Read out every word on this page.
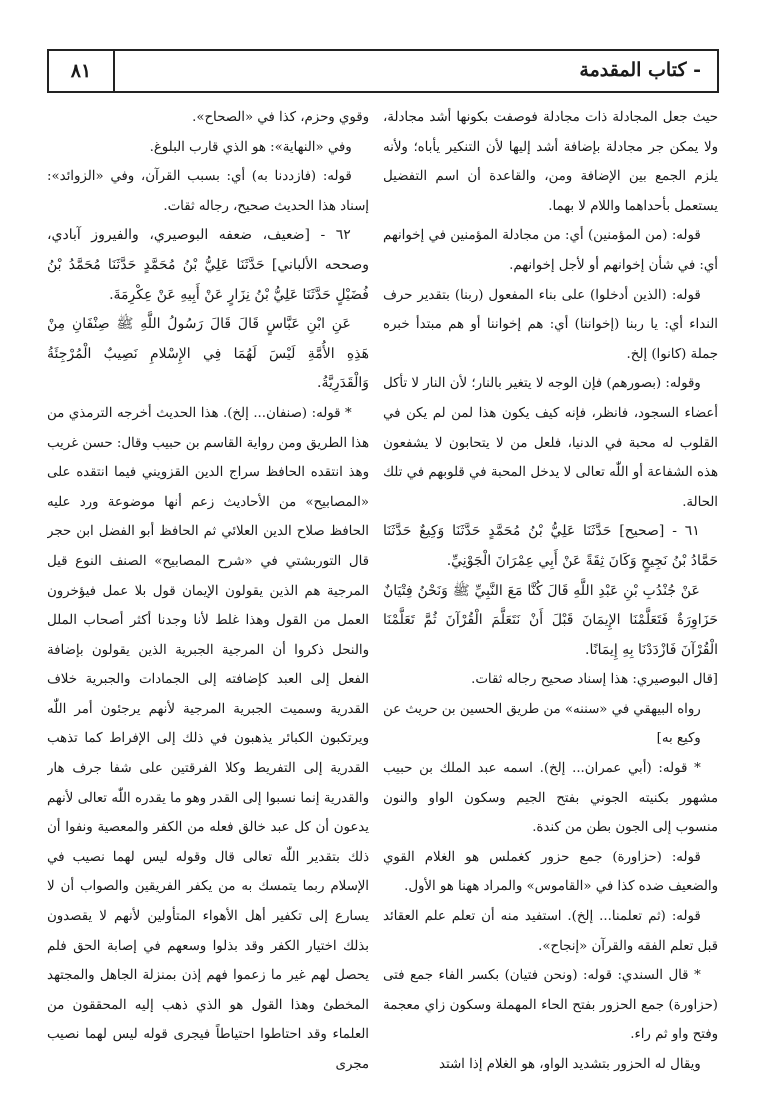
- كتاب المقدمة
٨١

حيث جعل المجادلة ذات مجادلة فوصفت بكونها أشد مجادلة، ولا يمكن جر مجادلة بإضافة أشد إليها لأن التنكير يأباه؛ ولأنه يلزم الجمع بين الإضافة ومن، والقاعدة أن اسم التفضيل يستعمل بأحداهما واللام لا بهما.

قوله: (من المؤمنين) أي: من مجادلة المؤمنين في إخوانهم أي: في شأن إخوانهم أو لأجل إخوانهم.

قوله: (الذين أدخلوا) على بناء المفعول (ربنا) بتقدير حرف النداء أي: يا ربنا (إخواننا) أي: هم إخواننا أو هم مبتدأ خبره جملة (كانوا) إلخ.

وقوله: (بصورهم) فإن الوجه لا يتغير بالنار؛ لأن النار لا تأكل أعضاء السجود، فانظر، فإنه كيف يكون هذا لمن لم يكن في القلوب له محبة في الدنيا، فلعل من لا يتحابون لا يشفعون هذه الشفاعة أو اللّٰه تعالى لا يدخل المحبة في قلوبهم في تلك الحالة.

٦١ - [صحيح] حَدَّثَنَا عَلِيُّ بْنُ مُحَمَّدٍ حَدَّثَنَا وَكِيعٌ حَدَّثَنَا حَمَّادُ بْنُ نَجِيحٍ وَكَانَ ثِقَةً عَنْ أَبِي عِمْرَانَ الْجَوْنِيِّ.

عَنْ جُنْدُبِ بْنِ عَبْدِ اللَّهِ قَالَ كُنَّا مَعَ النَّبِيِّ ﷺ وَنَحْنُ فِتْيَانٌ حَزَاوِرَةٌ فَتَعَلَّمْنَا الإِيمَانَ قَبْلَ أَنْ نَتَعَلَّمَ الْقُرْآنَ ثُمَّ تَعَلَّمْنَا الْقُرْآنَ فَازْدَدْنَا بِهِ إِيمَانًا.

[قال البوصيري: هذا إسناد صحيح رجاله ثقات.

رواه البيهقي في «سننه» من طريق الحسين بن حريث عن وكيع به]

* قوله: (أبي عمران... إلخ). اسمه عبد الملك بن حبيب مشهور بكنيته الجوني بفتح الجيم وسكون الواو والنون منسوب إلى الجون بطن من كندة.

قوله: (حزاورة) جمع حزور كغملس هو الغلام القوي والضعيف ضده كذا في «القاموس» والمراد ههنا هو الأول.

قوله: (ثم تعلمنا... إلخ). استفيد منه أن تعلم علم العقائد قبل تعلم الفقه والقرآن «إنجاح».

* قال السندي: قوله: (ونحن فتيان) بكسر الفاء جمع فتى (حزاورة) جمع الحزور بفتح الحاء المهملة وسكون زاي معجمة وفتح واو ثم راء.

ويقال له الحزور بتشديد الواو، هو الغلام إذا اشتد

وقوي وحزم، كذا في «الصحاح».

وفي «النهاية»: هو الذي قارب البلوغ.

قوله: (فازددنا به) أي: بسبب القرآن، وفي «الزوائد»: إسناد هذا الحديث صحيح، رجاله ثقات.

٦٢ - [ضعيف، ضعفه البوصيري، والفيروز آبادي، وصححه الألباني] حَدَّثَنَا عَلِيُّ بْنُ مُحَمَّدٍ حَدَّثَنَا مُحَمَّدُ بْنُ فُضَيْلٍ حَدَّثَنَا عَلِيُّ بْنُ نِزَارٍ عَنْ أَبِيهِ عَنْ عِكْرِمَةَ.

عَنِ ابْنِ عَبَّاسٍ قَالَ قَالَ رَسُولُ اللَّهِ ﷺ صِنْفَانِ مِنْ هَذِهِ الأُمَّةِ لَيْسَ لَهُمَا فِي الإِسْلامِ نَصِيبٌ الْمُرْجِئَةُ وَالْقَدَرِيَّةُ.

* قوله: (صنفان... إلخ). هذا الحديث أخرجه الترمذي من هذا الطريق ومن رواية القاسم بن حبيب وقال: حسن غريب وهذ انتقده الحافظ سراج الدين القزويني فيما انتقده على «المصابيح» من الأحاديث زعم أنها موضوعة ورد عليه الحافظ صلاح الدين العلائي ثم الحافظ أبو الفضل ابن حجر قال التوربشتي في «شرح المصابيح» الصنف النوع قيل المرجية هم الذين يقولون الإيمان قول بلا عمل فيؤخرون العمل من القول وهذا غلط لأنا وجدنا أكثر أصحاب الملل والنحل ذكروا أن المرجية الجبرية الذين يقولون بإضافة الفعل إلى العبد كإضافته إلى الجمادات والجبرية خلاف القدرية وسميت الجبرية المرجية لأنهم يرجئون أمر اللّٰه ويرتكبون الكبائر يذهبون في ذلك إلى الإفراط كما تذهب القدرية إلى التفريط وكلا الفرقتين على شفا جرف هار والقدرية إنما نسبوا إلى القدر وهو ما يقدره اللّٰه تعالى لأنهم يدعون أن كل عبد خالق فعله من الكفر والمعصية ونفوا أن ذلك بتقدير اللّٰه تعالى قال وقوله ليس لهما نصيب في الإسلام ربما يتمسك به من يكفر الفريقين والصواب أن لا يسارع إلى تكفير أهل الأهواء المتأولين لأنهم لا يقصدون بذلك اختيار الكفر وقد بذلوا وسعهم في إصابة الحق فلم يحصل لهم غير ما زعموا فهم إذن بمنزلة الجاهل والمجتهد المخطئ وهذا القول هو الذي ذهب إليه المحققون من العلماء وقد احتاطوا احتياطاً فيجرى قوله ليس لهما نصيب مجرى
